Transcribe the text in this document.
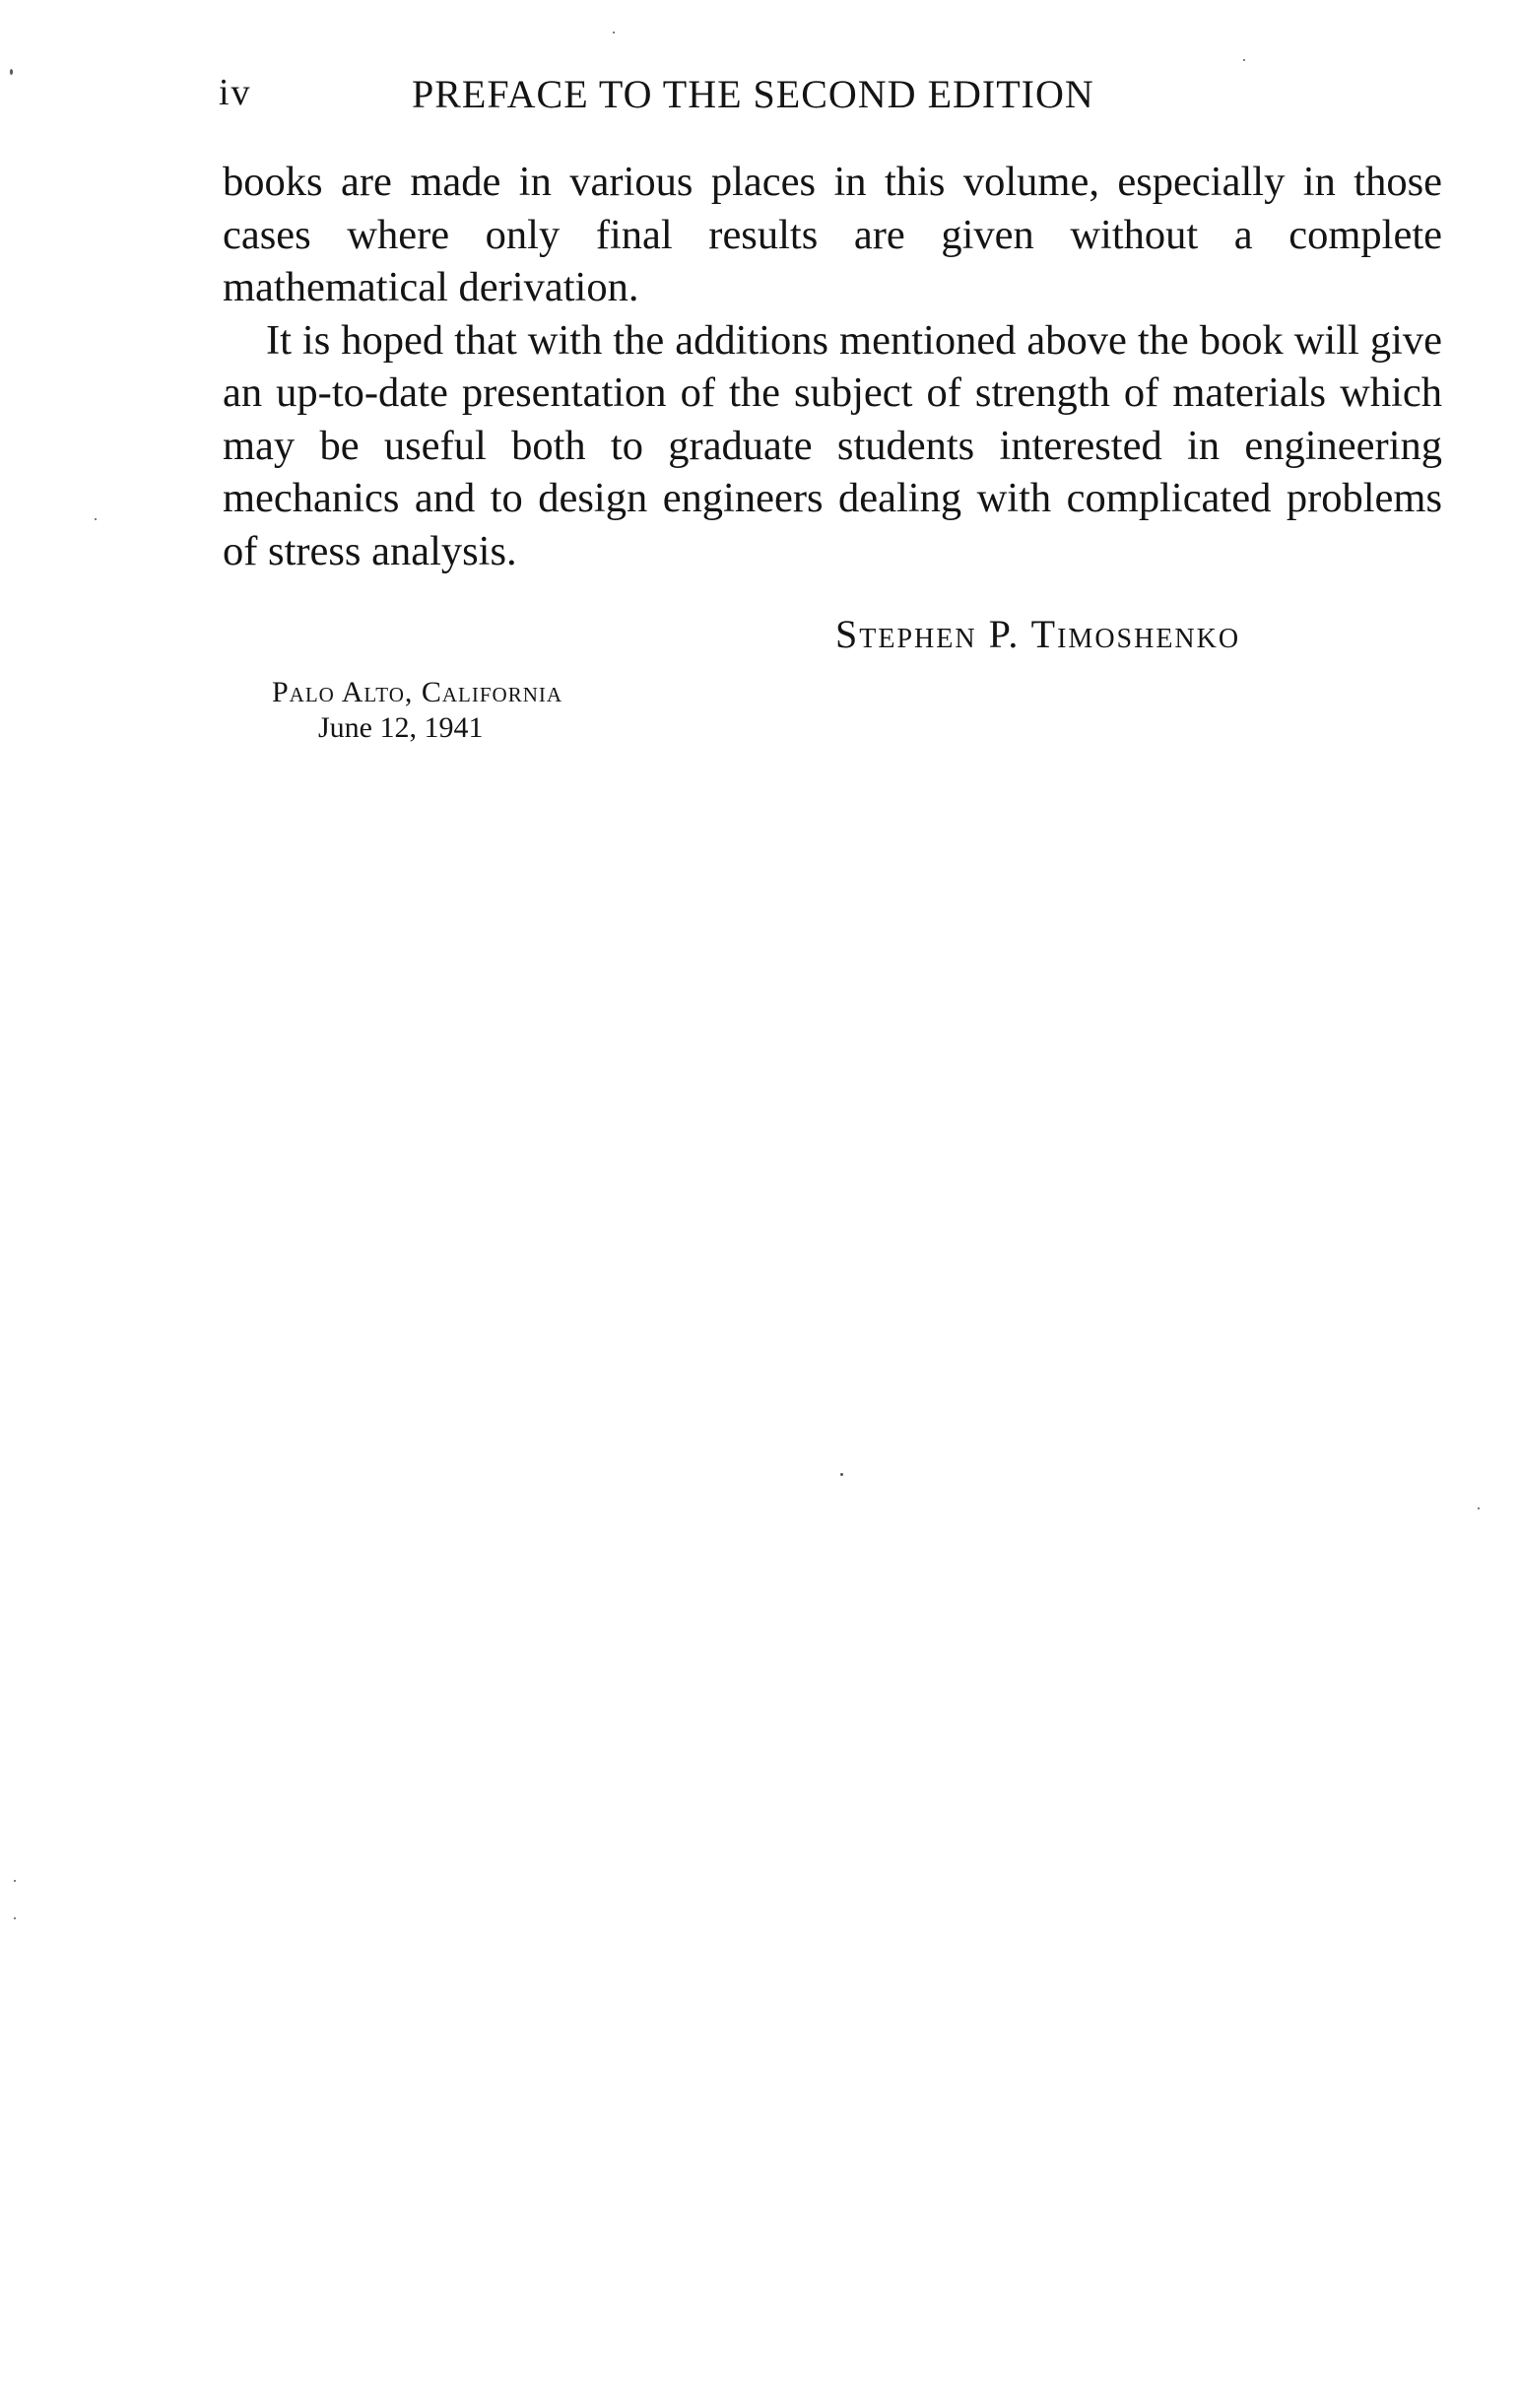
iv	PREFACE TO THE SECOND EDITION

books are made in various places in this volume, especially in those cases where only final results are given without a complete mathematical derivation.

It is hoped that with the additions mentioned above the book will give an up-to-date presentation of the subject of strength of materials which may be useful both to graduate students interested in engineering mechanics and to design engineers dealing with complicated problems of stress analysis.

Stephen P. Timoshenko
Palo Alto, California
June 12, 1941
